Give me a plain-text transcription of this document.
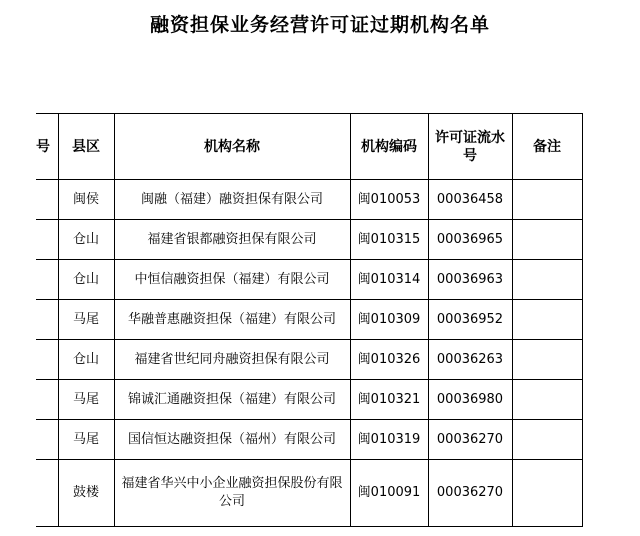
融资担保业务经营许可证过期机构名单
号	县区	机构名称	机构编码	许可证流水号	备注
	闽侯	闽融（福建）融资担保有限公司	闽010053	00036458	
	仓山	福建省银都融资担保有限公司	闽010315	00036965	
	仓山	中恒信融资担保（福建）有限公司	闽010314	00036963	
	马尾	华融普惠融资担保（福建）有限公司	闽010309	00036952	
	仓山	福建省世纪同舟融资担保有限公司	闽010326	00036263	
	马尾	锦诚汇通融资担保（福建）有限公司	闽010321	00036980	
	马尾	国信恒达融资担保（福州）有限公司	闽010319	00036270	
	鼓楼	福建省华兴中小企业融资担保股份有限公司	闽010091	00036270	
